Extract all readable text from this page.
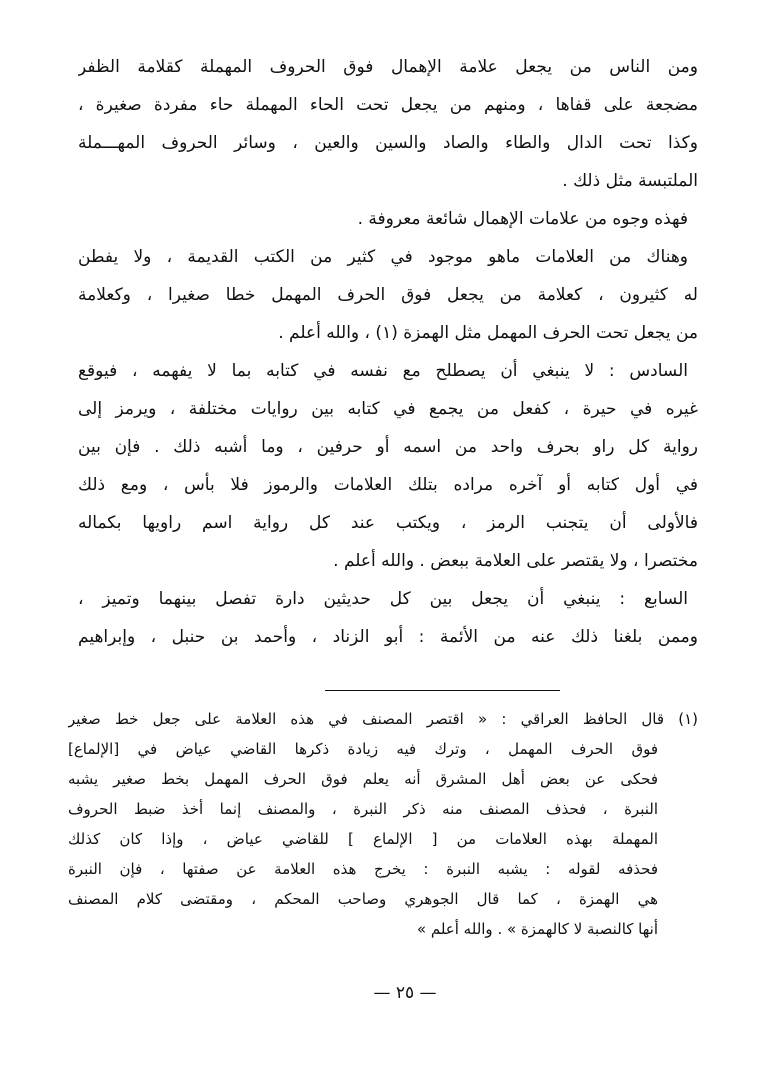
ومن الناس من يجعل علامة الإهمال فوق الحروف المهملة كقلامة الظفر
مضجعة على قفاها ، ومنهم من يجعل تحت الحاء المهملة حاء مفردة صغيرة ،
وكذا تحت الدال والطاء والصاد والسين والعين ، وسائر الحروف المهـــملة
الملتبسة مثل ذلك .
فهذه وجوه من علامات الإهمال شائعة معروفة .
وهناك من العلامات ماهو موجود في كثير من الكتب القديمة ، ولا يفطن
له كثيرون ، كعلامة من يجعل فوق الحرف المهمل خطا صغيرا ، وكعلامة
من يجعل تحت الحرف المهمل مثل الهمزة (١) ، والله أعلم .
السادس : لا ينبغي أن يصطلح مع نفسه في كتابه بما لا يفهمه ، فيوقع
غيره في حيرة ، كفعل من يجمع في كتابه بين روايات مختلفة ، ويرمز إلى
رواية كل راو بحرف واحد من اسمه أو حرفين ، وما أشبه ذلك . فإن بين
في أول كتابه أو آخره مراده بتلك العلامات والرموز فلا بأس ، ومع ذلك
فالأولى أن يتجنب الرمز ، ويكتب عند كل رواية اسم راويها بكماله
مختصرا ، ولا يقتصر على العلامة ببعض . والله أعلم .
السابع : ينبغي أن يجعل بين كل حديثين دارة تفصل بينهما وتميز ،
وممن بلغنا ذلك عنه من الأئمة : أبو الزناد ، وأحمد بن حنبل ، وإبراهيم
(١) قال الحافظ العراقي : « اقتصر المصنف في هذه العلامة على جعل خط صغير
فوق الحرف المهمل ، وترك فيه زيادة ذكرها القاضي عياض في [الإلماع]
فحكى عن بعض أهل المشرق أنه يعلم فوق الحرف المهمل بخط صغير يشبه
النبرة ، فحذف المصنف منه ذكر النبرة ، والمصنف إنما أخذ ضبط الحروف
المهملة بهذه العلامات من [ الإلماع ] للقاضي عياض ، وإذا كان كذلك
فحذفه لقوله : يشبه النبرة : يخرج هذه العلامة عن صفتها ، فإن النبرة
هي الهمزة ، كما قال الجوهري وصاحب المحكم ، ومقتضى كلام المصنف
أنها كالنصبة لا كالهمزة » . والله أعلم »
— ٢٥ —
